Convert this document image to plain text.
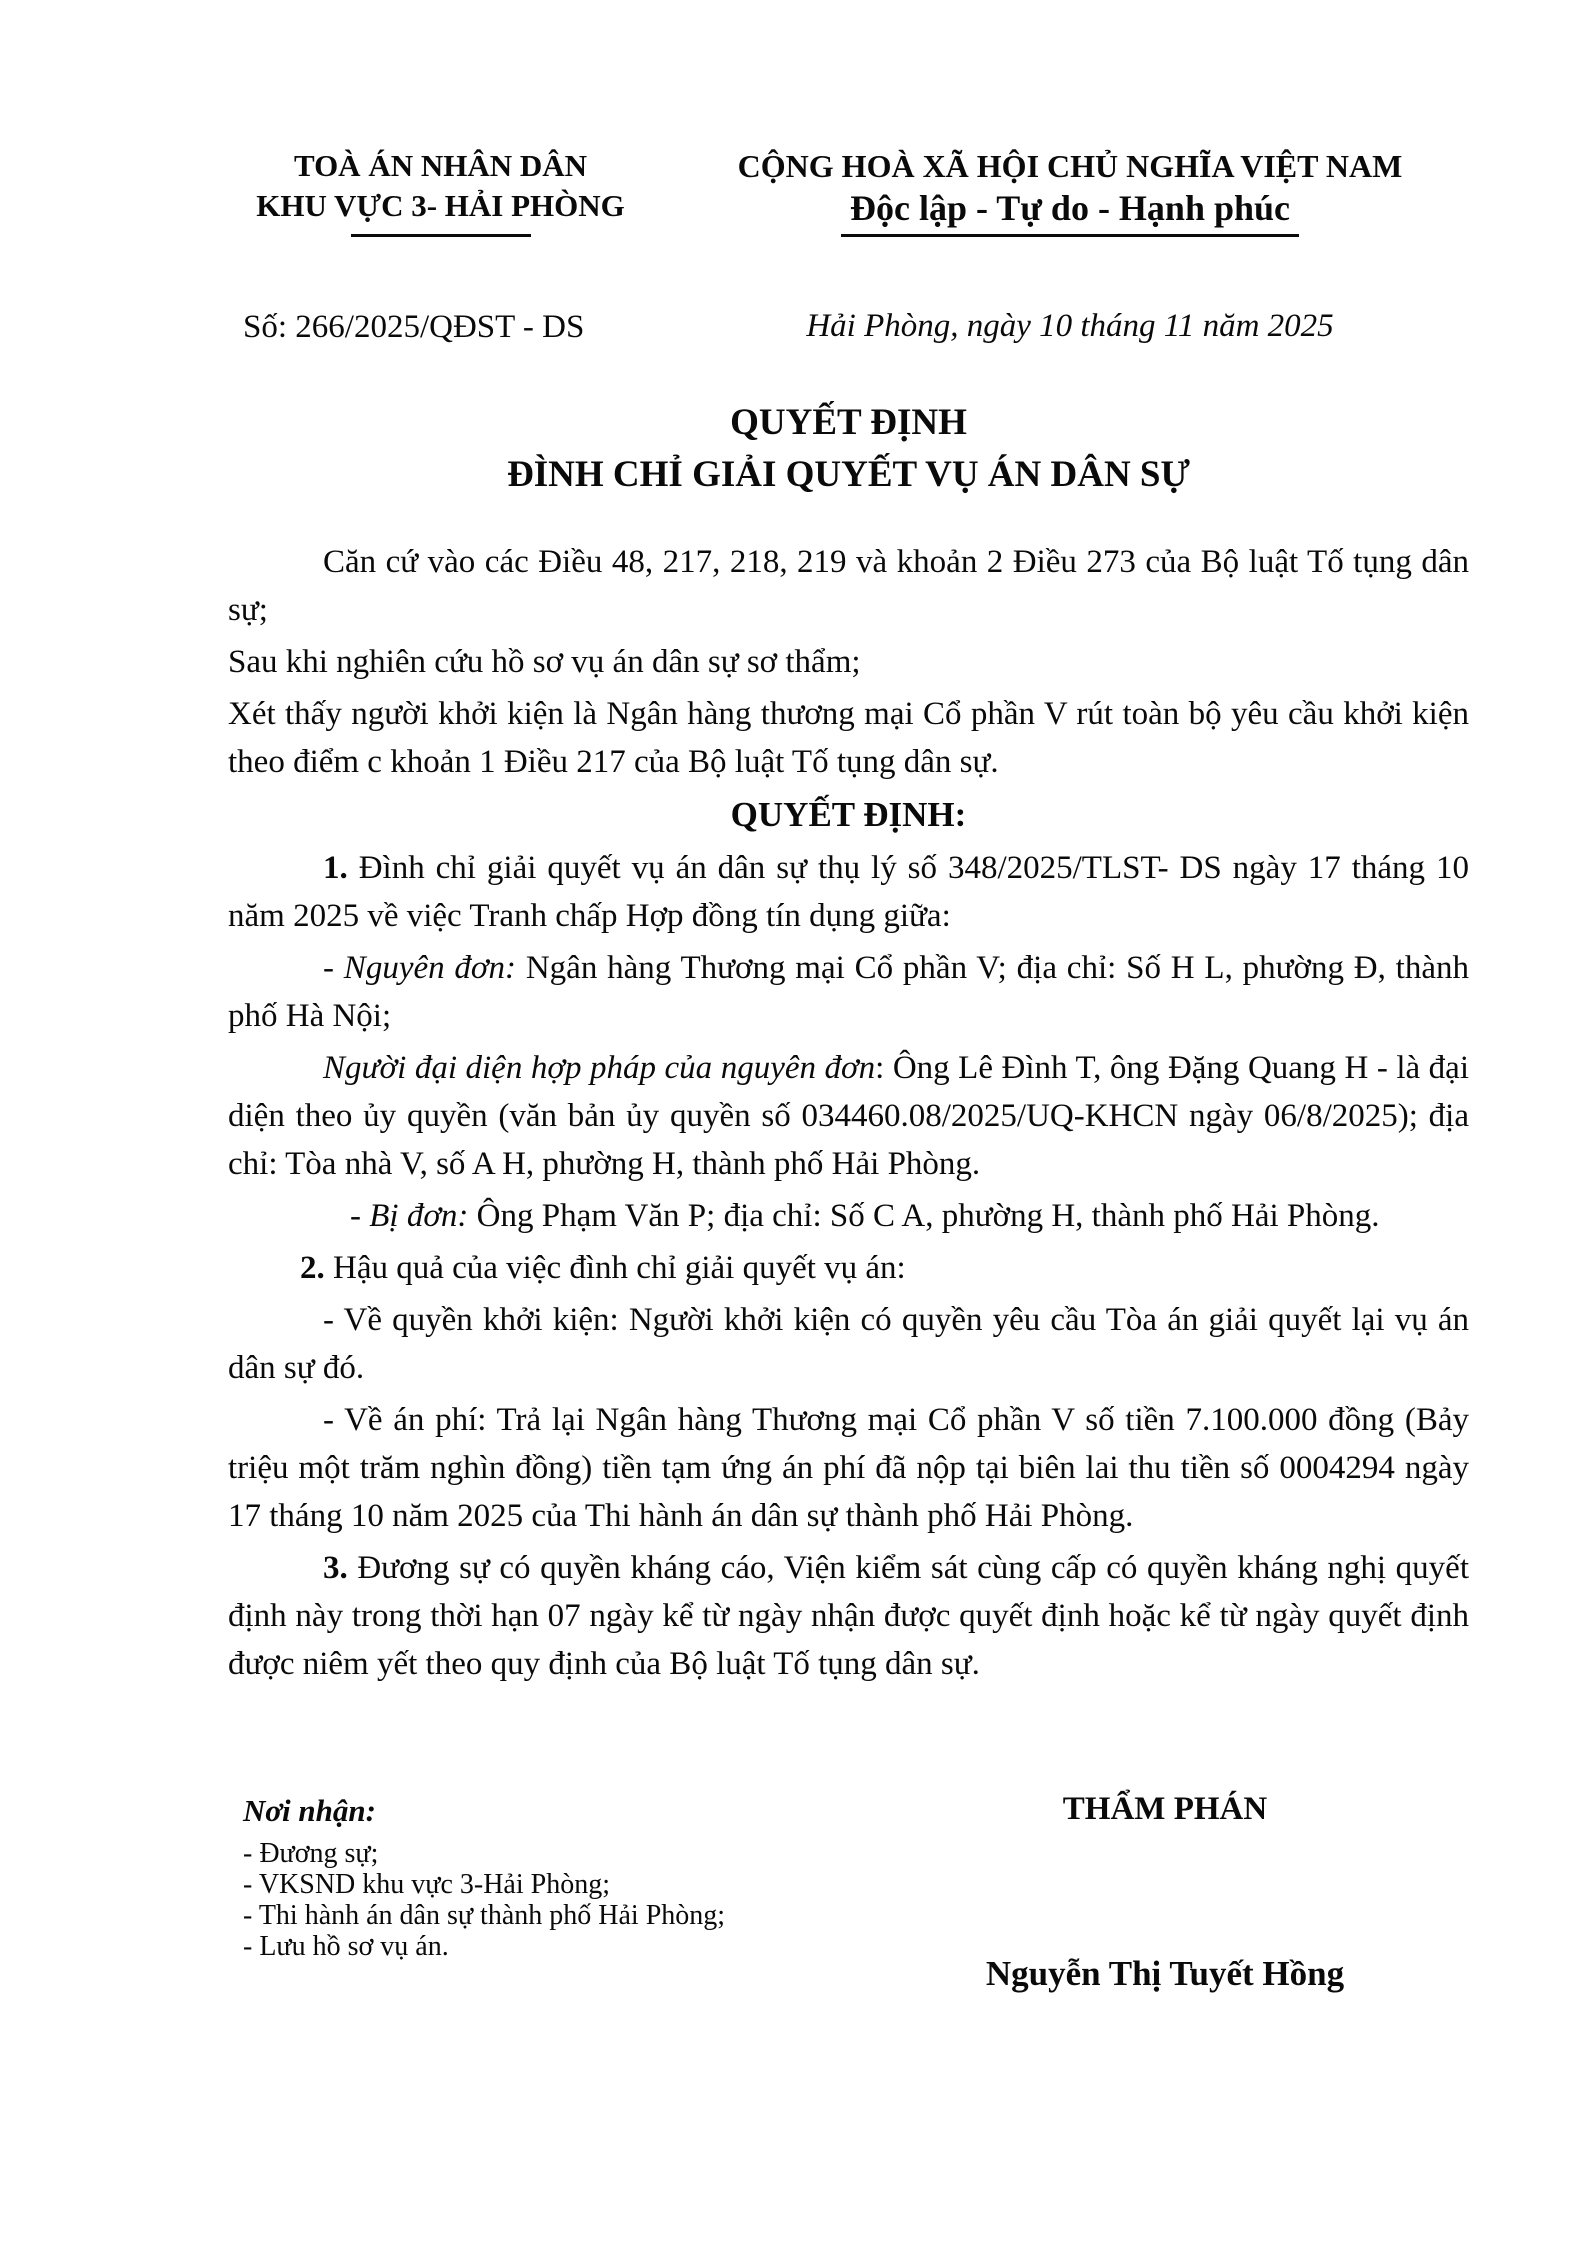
TOÀ ÁN NHÂN DÂN
KHU VỰC 3- HẢI PHÒNG
CỘNG HOÀ XÃ HỘI CHỦ NGHĨA VIỆT NAM
Độc lập - Tự do - Hạnh phúc
Số: 266/2025/QĐST - DS	Hải Phòng, ngày 10 tháng 11 năm 2025
QUYẾT ĐỊNH
ĐÌNH CHỈ GIẢI QUYẾT VỤ ÁN DÂN SỰ

Căn cứ vào các Điều 48, 217, 218, 219 và khoản 2 Điều 273 của Bộ luật Tố tụng dân sự;

Sau khi nghiên cứu hồ sơ vụ án dân sự sơ thẩm;

Xét thấy người khởi kiện là Ngân hàng thương mại Cổ phần V rút toàn bộ yêu cầu khởi kiện theo điểm c khoản 1 Điều 217 của Bộ luật Tố tụng dân sự.

QUYẾT ĐỊNH:

1. Đình chỉ giải quyết vụ án dân sự thụ lý số 348/2025/TLST- DS ngày 17 tháng 10 năm 2025 về việc Tranh chấp Hợp đồng tín dụng giữa:

- Nguyên đơn: Ngân hàng Thương mại Cổ phần V; địa chỉ: Số H L, phường Đ, thành phố Hà Nội;

Người đại diện hợp pháp của nguyên đơn: Ông Lê Đình T, ông Đặng Quang H - là đại diện theo ủy quyền (văn bản ủy quyền số 034460.08/2025/UQ-KHCN ngày 06/8/2025); địa chỉ: Tòa nhà V, số A H, phường H, thành phố Hải Phòng.

- Bị đơn: Ông Phạm Văn P; địa chỉ: Số C A, phường H, thành phố Hải Phòng.

2. Hậu quả của việc đình chỉ giải quyết vụ án:

- Về quyền khởi kiện: Người khởi kiện có quyền yêu cầu Tòa án giải quyết lại vụ án dân sự đó.

- Về án phí: Trả lại Ngân hàng Thương mại Cổ phần V số tiền 7.100.000 đồng (Bảy triệu một trăm nghìn đồng) tiền tạm ứng án phí đã nộp tại biên lai thu tiền số 0004294 ngày 17 tháng 10 năm 2025 của Thi hành án dân sự thành phố Hải Phòng.

3. Đương sự có quyền kháng cáo, Viện kiểm sát cùng cấp có quyền kháng nghị quyết định này trong thời hạn 07 ngày kể từ ngày nhận được quyết định hoặc kể từ ngày quyết định được niêm yết theo quy định của Bộ luật Tố tụng dân sự.

Nơi nhận:
- Đương sự;
- VKSND khu vực 3-Hải Phòng;
- Thi hành án dân sự thành phố Hải Phòng;
- Lưu hồ sơ vụ án.
THẨM PHÁN
Nguyễn Thị Tuyết Hồng
